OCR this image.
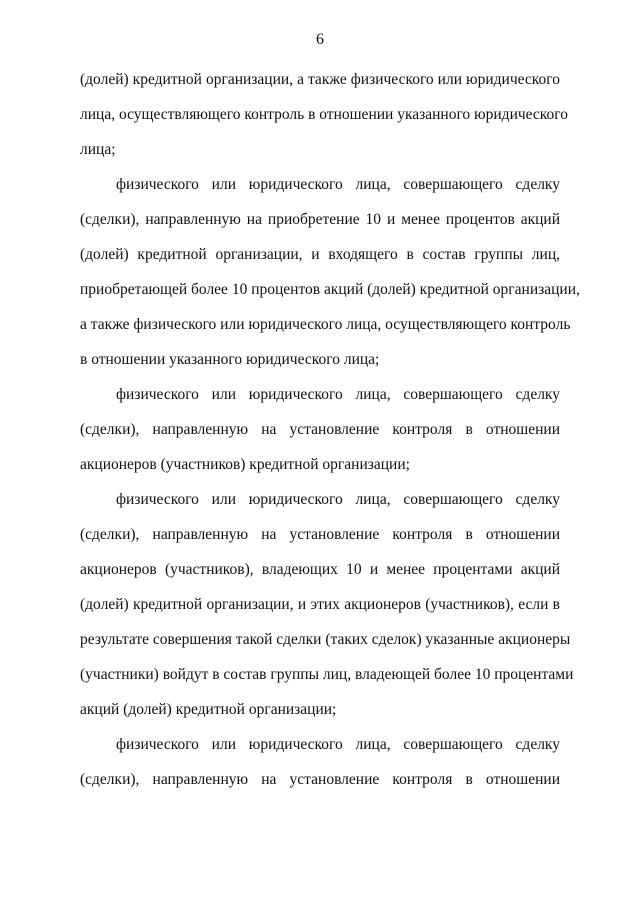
6
(долей) кредитной организации, а также физического или юридического
лица, осуществляющего контроль в отношении указанного юридического
лица;
физического или юридического лица, совершающего сделку
(сделки), направленную на приобретение 10 и менее процентов акций
(долей) кредитной организации, и входящего в состав группы лиц,
приобретающей более 10 процентов акций (долей) кредитной организации,
а также физического или юридического лица, осуществляющего контроль
в отношении указанного юридического лица;
физического или юридического лица, совершающего сделку
(сделки), направленную на установление контроля в отношении
акционеров (участников) кредитной организации;
физического или юридического лица, совершающего сделку
(сделки), направленную на установление контроля в отношении
акционеров (участников), владеющих 10 и менее процентами акций
(долей) кредитной организации, и этих акционеров (участников), если в
результате совершения такой сделки (таких сделок) указанные акционеры
(участники) войдут в состав группы лиц, владеющей более 10 процентами
акций (долей) кредитной организации;
физического или юридического лица, совершающего сделку
(сделки), направленную на установление контроля в отношении
